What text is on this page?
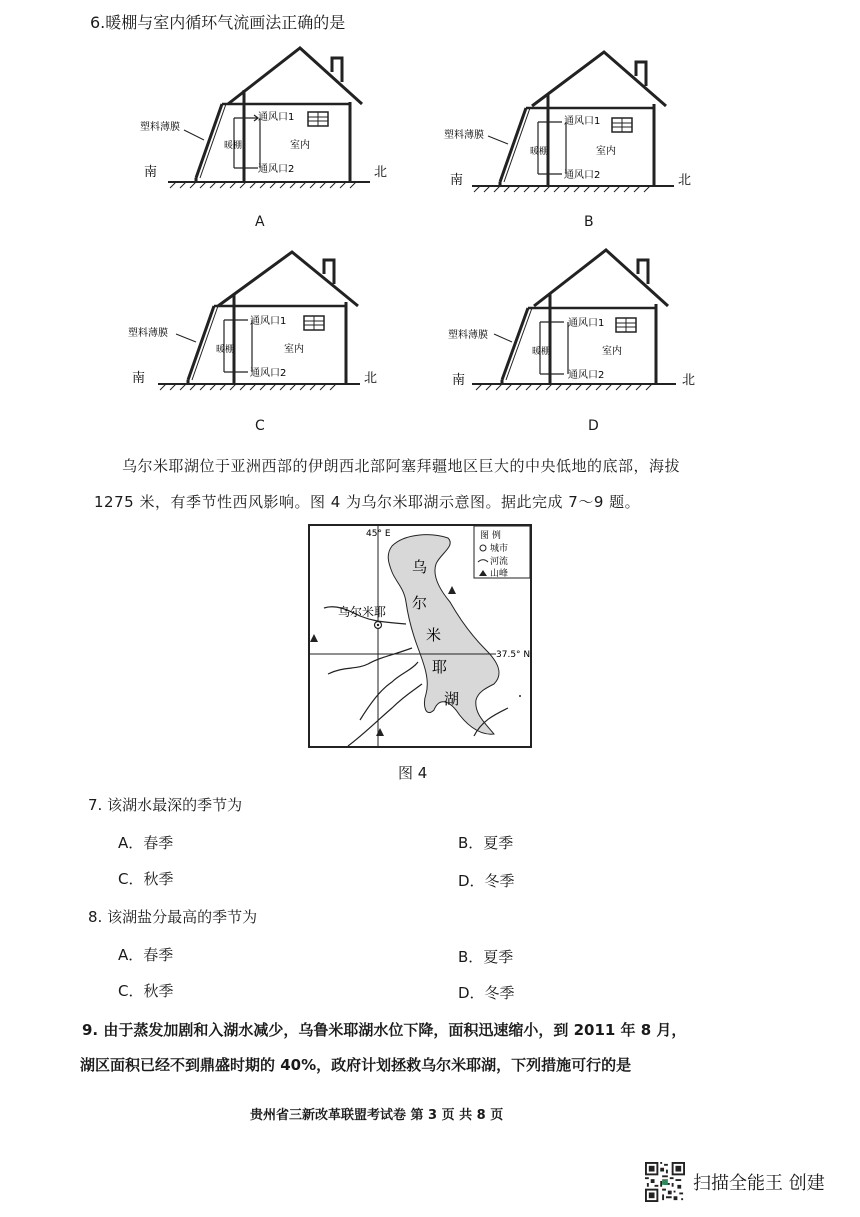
6.暖棚与室内循环气流画法正确的是
通风口1
通风口2
暖棚	室内
塑料薄膜
南	北
通风口1
通风口2
暖棚	室内
塑料薄膜
南	北
通风口1
通风口2
暖棚	室内
塑料薄膜
南	北
通风口1
通风口2
暖棚	室内
塑料薄膜
南	北
A	B
C	D
乌尔米耶湖位于亚洲西部的伊朗西北部阿塞拜疆地区巨大的中央低地的底部，海拔
1275 米，有季节性西风影响。图 4 为乌尔米耶湖示意图。据此完成 7～9 题。
图 例
城市
河流
山峰
45° E
37.5° N
乌尔米耶
乌
尔
米
耶
湖
图 4
7. 该湖水最深的季节为
A．春季	B．夏季
C．秋季	D．冬季
8. 该湖盐分最高的季节为
A．春季	B．夏季
C．秋季	D．冬季
9. 由于蒸发加剧和入湖水减少，乌鲁米耶湖水位下降，面积迅速缩小，到 2011 年 8 月，
湖区面积已经不到鼎盛时期的 40%，政府计划拯救乌尔米耶湖，下列措施可行的是
贵州省三新改革联盟考试卷 第 3 页 共 8 页
扫描全能王 创建
